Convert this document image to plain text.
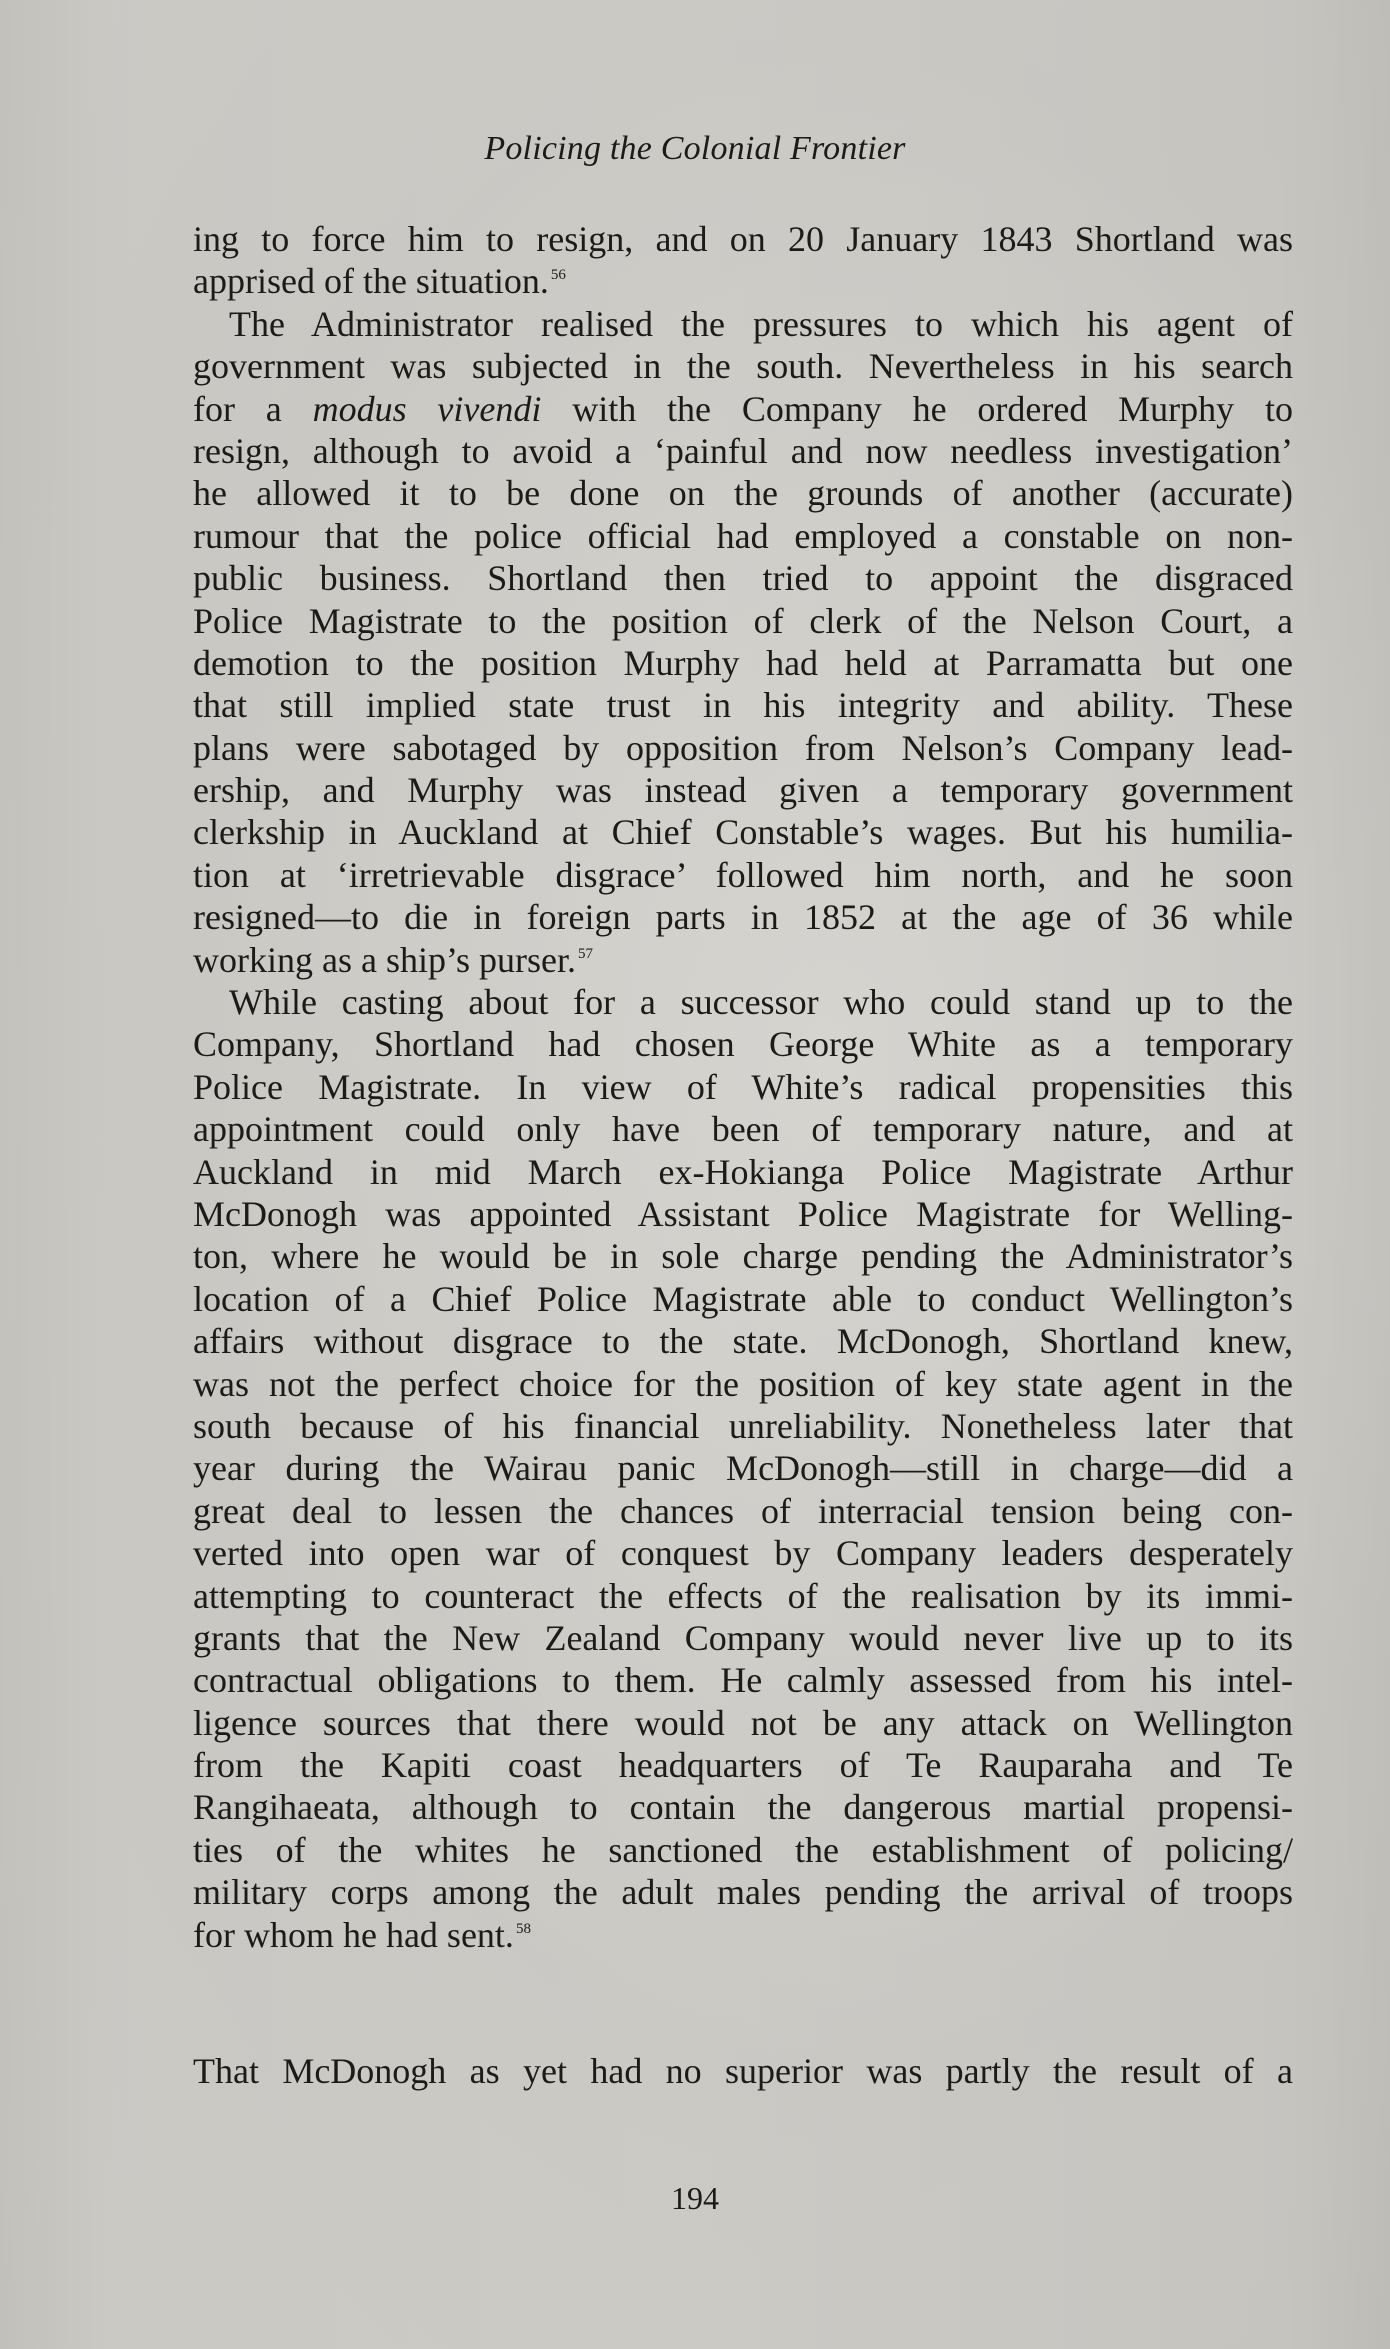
Policing the Colonial Frontier
ing to force him to resign, and on 20 January 1843 Shortland was
apprised of the situation. $^{56}$
The Administrator realised the pressures to which his agent of
government was subjected in the south. Nevertheless in his search
for a modus vivendi with the Company he ordered Murphy to
resign, although to avoid a ‘painful and now needless investigation’
he allowed it to be done on the grounds of another (accurate)
rumour that the police official had employed a constable on non-
public business. Shortland then tried to appoint the disgraced
Police Magistrate to the position of clerk of the Nelson Court, a
demotion to the position Murphy had held at Parramatta but one
that still implied state trust in his integrity and ability. These
plans were sabotaged by opposition from Nelson’s Company lead-
ership, and Murphy was instead given a temporary government
clerkship in Auckland at Chief Constable’s wages. But his humilia-
tion at ‘irretrievable disgrace’ followed him north, and he soon
resigned—to die in foreign parts in 1852 at the age of 36 while
working as a ship’s purser. $^{57}$
While casting about for a successor who could stand up to the
Company, Shortland had chosen George White as a temporary
Police Magistrate. In view of White’s radical propensities this
appointment could only have been of temporary nature, and at
Auckland in mid March ex-Hokianga Police Magistrate Arthur
McDonogh was appointed Assistant Police Magistrate for Welling-
ton, where he would be in sole charge pending the Administrator’s
location of a Chief Police Magistrate able to conduct Wellington’s
affairs without disgrace to the state. McDonogh, Shortland knew,
was not the perfect choice for the position of key state agent in the
south because of his financial unreliability. Nonetheless later that
year during the Wairau panic McDonogh—still in charge—did a
great deal to lessen the chances of interracial tension being con-
verted into open war of conquest by Company leaders desperately
attempting to counteract the effects of the realisation by its immi-
grants that the New Zealand Company would never live up to its
contractual obligations to them. He calmly assessed from his intel-
ligence sources that there would not be any attack on Wellington
from the Kapiti coast headquarters of Te Rauparaha and Te
Rangihaeata, although to contain the dangerous martial propensi-
ties of the whites he sanctioned the establishment of policing/
military corps among the adult males pending the arrival of troops
for whom he had sent. $^{58}$
That McDonogh as yet had no superior was partly the result of a
194
